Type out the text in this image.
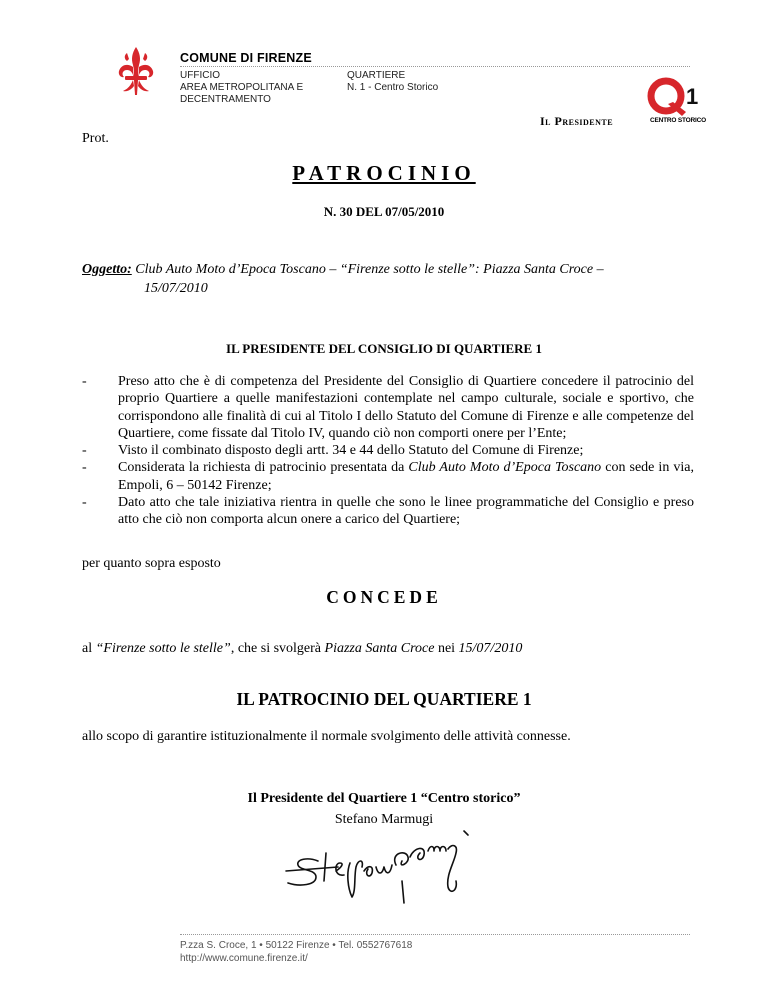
COMUNE DI FIRENZE
UFFICIO
AREA METROPOLITANA E
DECENTRAMENTO
QUARTIERE
N. 1 - Centro Storico
Il Presidente
1
CENTRO STORICO
Prot.
PATROCINIO
N. 30 DEL 07/05/2010
Oggetto: Club Auto Moto d’Epoca Toscano – “Firenze sotto le stelle”: Piazza Santa Croce –
15/07/2010
IL PRESIDENTE DEL CONSIGLIO DI QUARTIERE 1
-	Preso atto che è di competenza del Presidente del Consiglio di Quartiere concedere il patrocinio del proprio Quartiere a quelle manifestazioni contemplate nel campo culturale, sociale e sportivo, che corrispondono alle finalità di cui al Titolo I dello Statuto del Comune di Firenze e alle competenze del Quartiere, come fissate dal Titolo IV, quando ciò non comporti onere per l’Ente;
-	Visto il combinato disposto degli artt. 34 e 44 dello Statuto del Comune di Firenze;
-	Considerata la richiesta di patrocinio presentata da Club Auto Moto d’Epoca Toscano con sede in via, Empoli, 6 – 50142 Firenze;
-	Dato atto che tale iniziativa rientra in quelle che sono le linee programmatiche del Consiglio e preso atto che ciò non comporta alcun onere a carico del Quartiere;
per quanto sopra esposto
CONCEDE
al “Firenze sotto le stelle”, che si svolgerà Piazza Santa Croce nei 15/07/2010
IL PATROCINIO DEL QUARTIERE 1
allo scopo di garantire istituzionalmente il normale svolgimento delle attività connesse.
Il Presidente del Quartiere 1 “Centro storico”
Stefano Marmugi
P.zza S. Croce, 1 • 50122 Firenze • Tel. 0552767618
http://www.comune.firenze.it/
